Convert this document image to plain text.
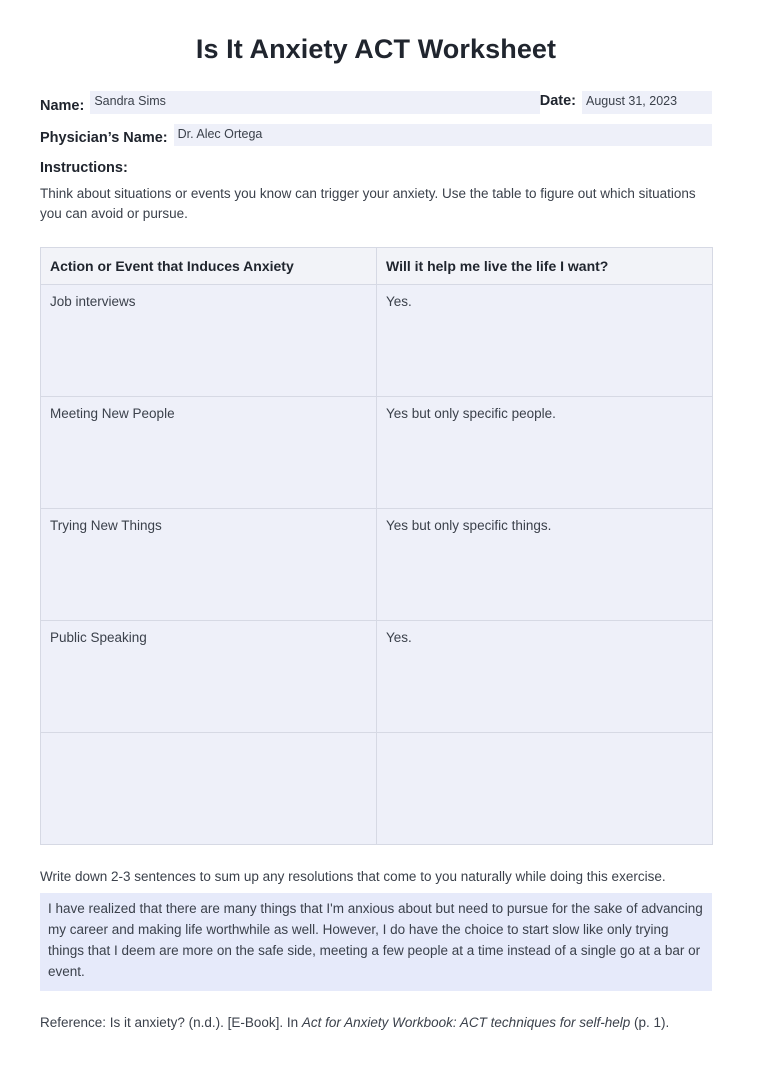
Is It Anxiety ACT Worksheet
Name: Sandra Sims	Date: August 31, 2023
Physician’s Name: Dr. Alec Ortega
Instructions:
Think about situations or events you know can trigger your anxiety. Use the table to figure out which situations you can avoid or pursue.
Action or Event that Induces Anxiety	Will it help me live the life I want?
Job interviews	Yes.
Meeting New People	Yes but only specific people.
Trying New Things	Yes but only specific things.
Public Speaking	Yes.

Write down 2-3 sentences to sum up any resolutions that come to you naturally while doing this exercise.
I have realized that there are many things that I'm anxious about but need to pursue for the sake of advancing my career and making life worthwhile as well. However, I do have the choice to start slow like only trying things that I deem are more on the safe side, meeting a few people at a time instead of a single go at a bar or event.
Reference: Is it anxiety? (n.d.). [E-Book]. In Act for Anxiety Workbook: ACT techniques for self-help (p. 1).
